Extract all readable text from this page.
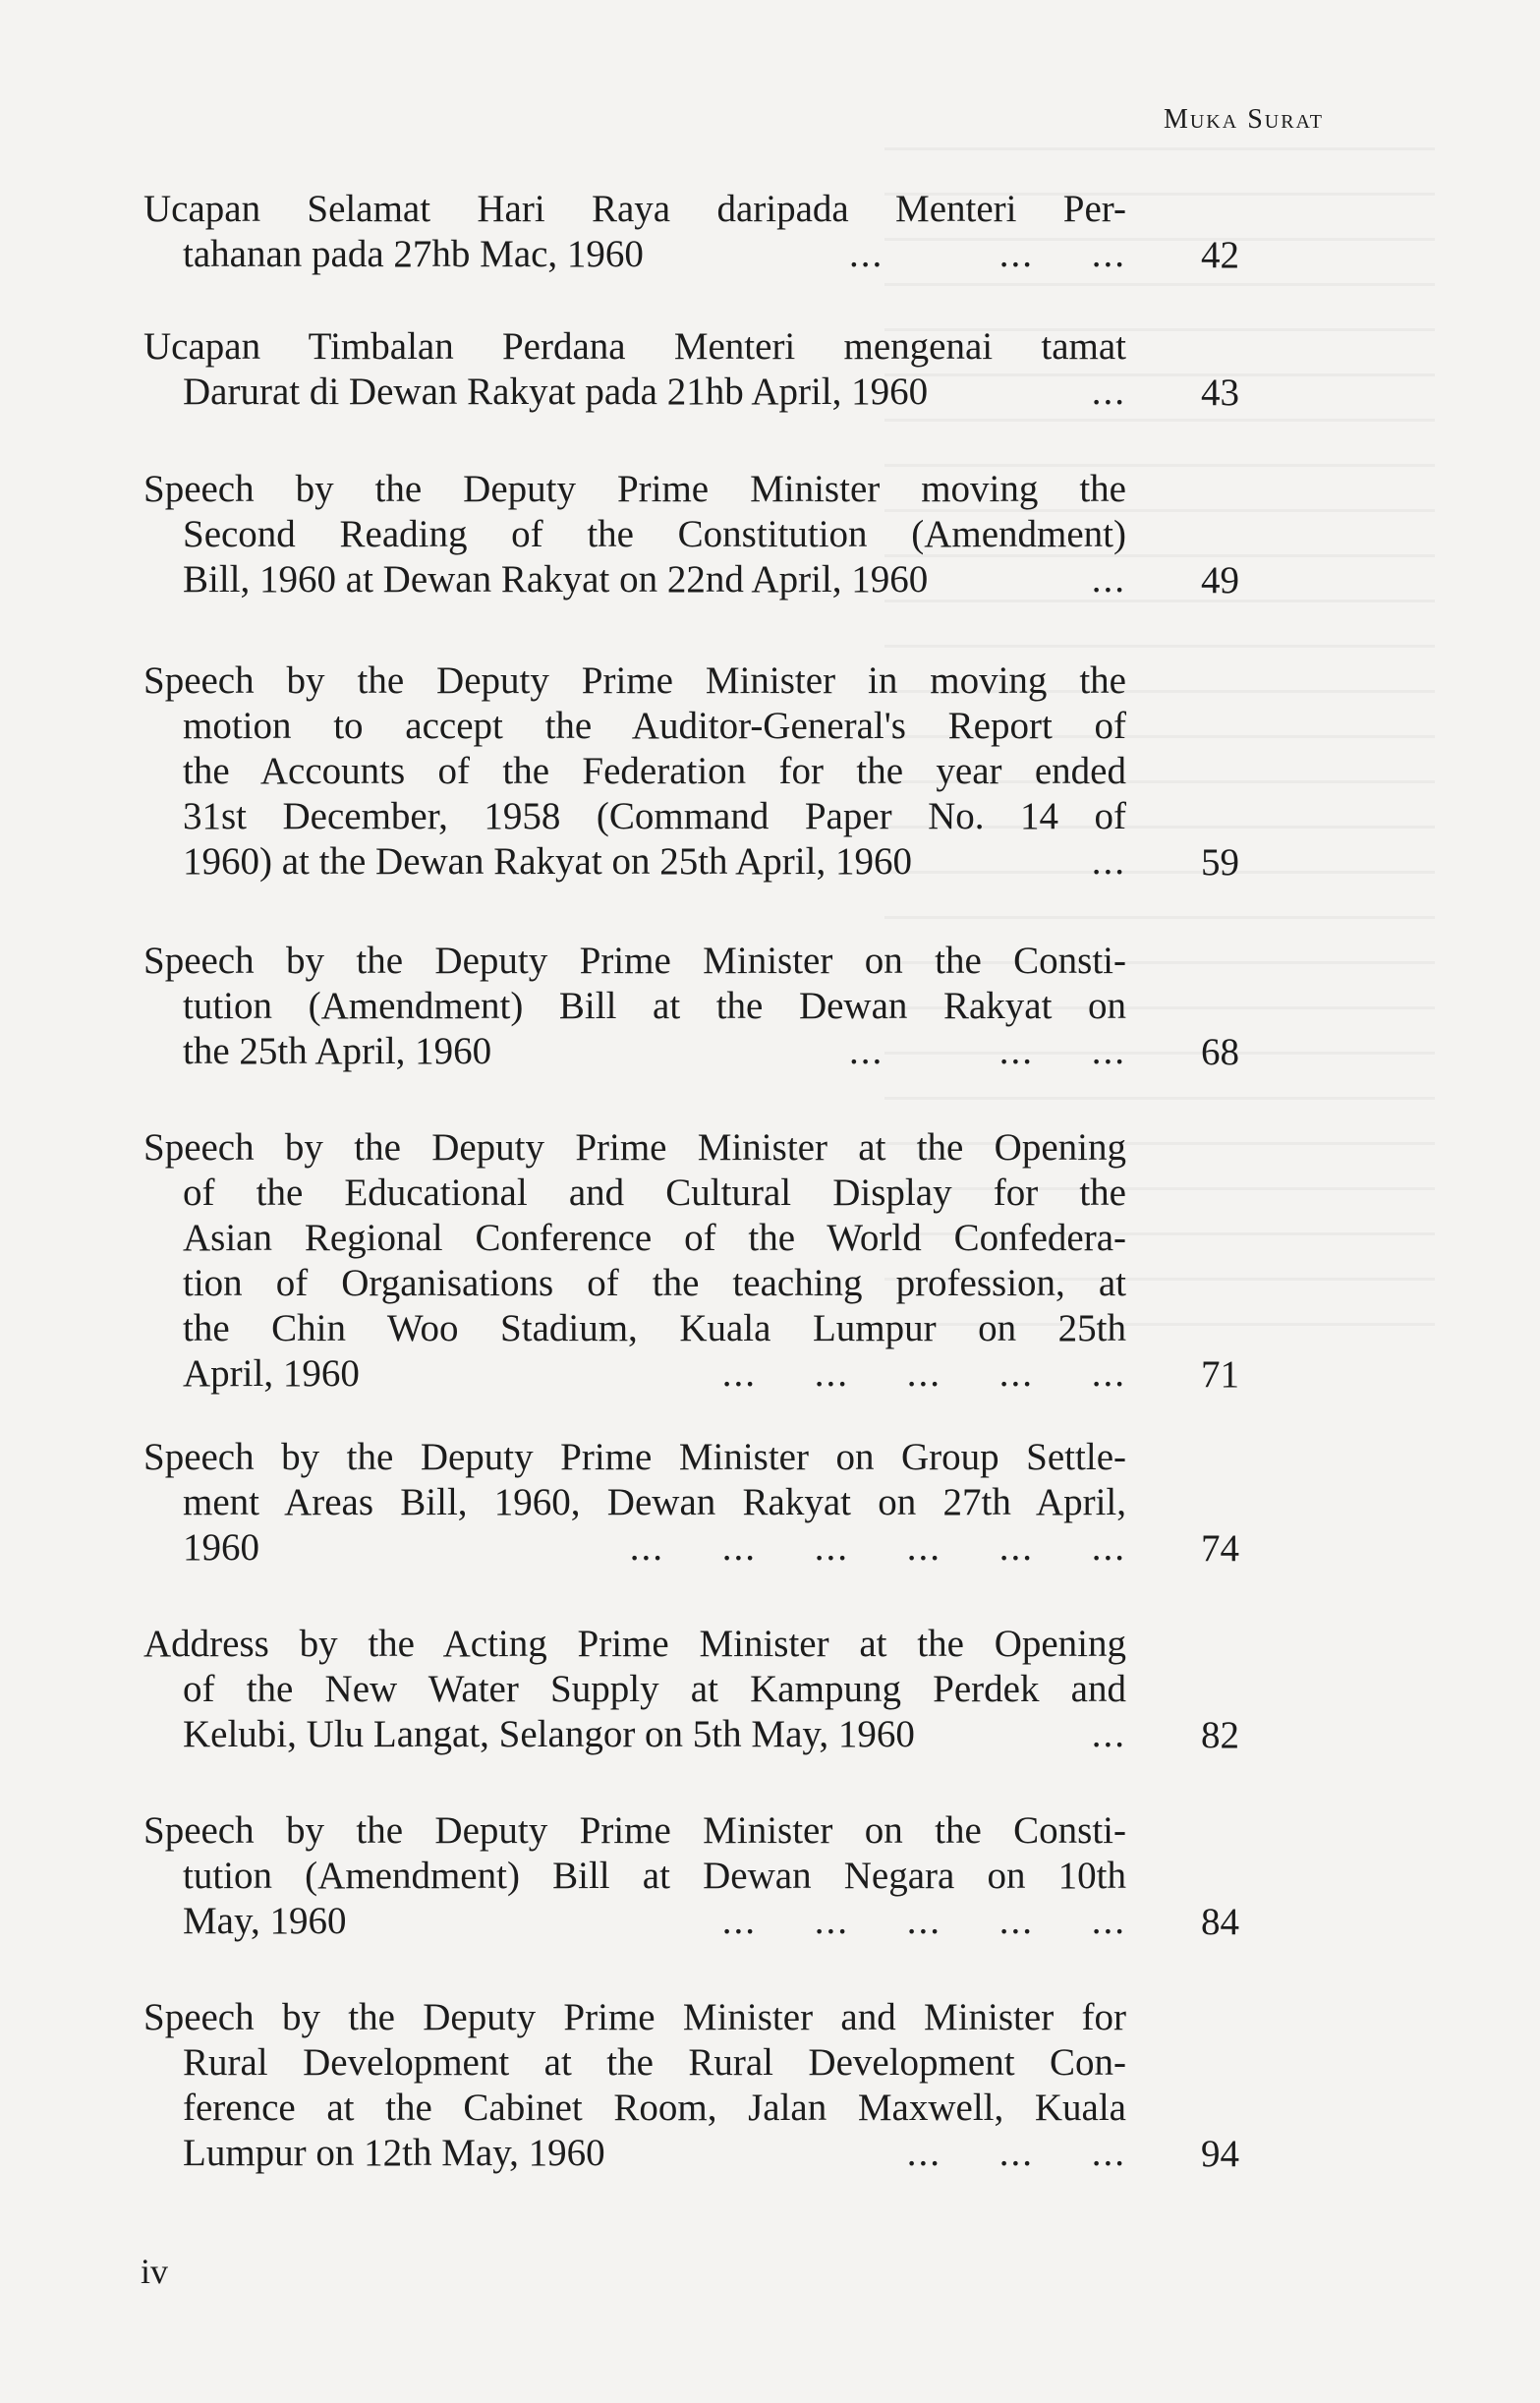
Muka Surat

Ucapan Selamat Hari Raya daripada Menteri Per-
tahanan pada 27hb Mac, 1960	...          ...     ... 42

Ucapan Timbalan Perdana Menteri mengenai tamat
Darurat di Dewan Rakyat pada 21hb April, 1960	... 43

Speech by the Deputy Prime Minister moving the
Second Reading of the Constitution (Amendment)
Bill, 1960 at Dewan Rakyat on 22nd April, 1960	... 49

Speech by the Deputy Prime Minister in moving the
motion to accept the Auditor-General's Report of
the Accounts of the Federation for the year ended
31st December, 1958 (Command Paper No. 14 of
1960) at the Dewan Rakyat on 25th April, 1960	... 59

Speech by the Deputy Prime Minister on the Consti-
tution (Amendment) Bill at the Dewan Rakyat on
the 25th April, 1960	...          ...     ... 68

Speech by the Deputy Prime Minister at the Opening
of the Educational and Cultural Display for the
Asian Regional Conference of the World Confedera-
tion of Organisations of the teaching profession, at
the Chin Woo Stadium, Kuala Lumpur on 25th
April, 1960	...     ...     ...     ...     ... 71

Speech by the Deputy Prime Minister on Group Settle-
ment Areas Bill, 1960, Dewan Rakyat on 27th April,
1960	...     ...     ...     ...     ...     ... 74

Address by the Acting Prime Minister at the Opening
of the New Water Supply at Kampung Perdek and
Kelubi, Ulu Langat, Selangor on 5th May, 1960	... 82

Speech by the Deputy Prime Minister on the Consti-
tution (Amendment) Bill at Dewan Negara on 10th
May, 1960	...     ...     ...     ...     ... 84

Speech by the Deputy Prime Minister and Minister for
Rural Development at the Rural Development Con-
ference at the Cabinet Room, Jalan Maxwell, Kuala
Lumpur on 12th May, 1960	...     ...     ... 94
iv
